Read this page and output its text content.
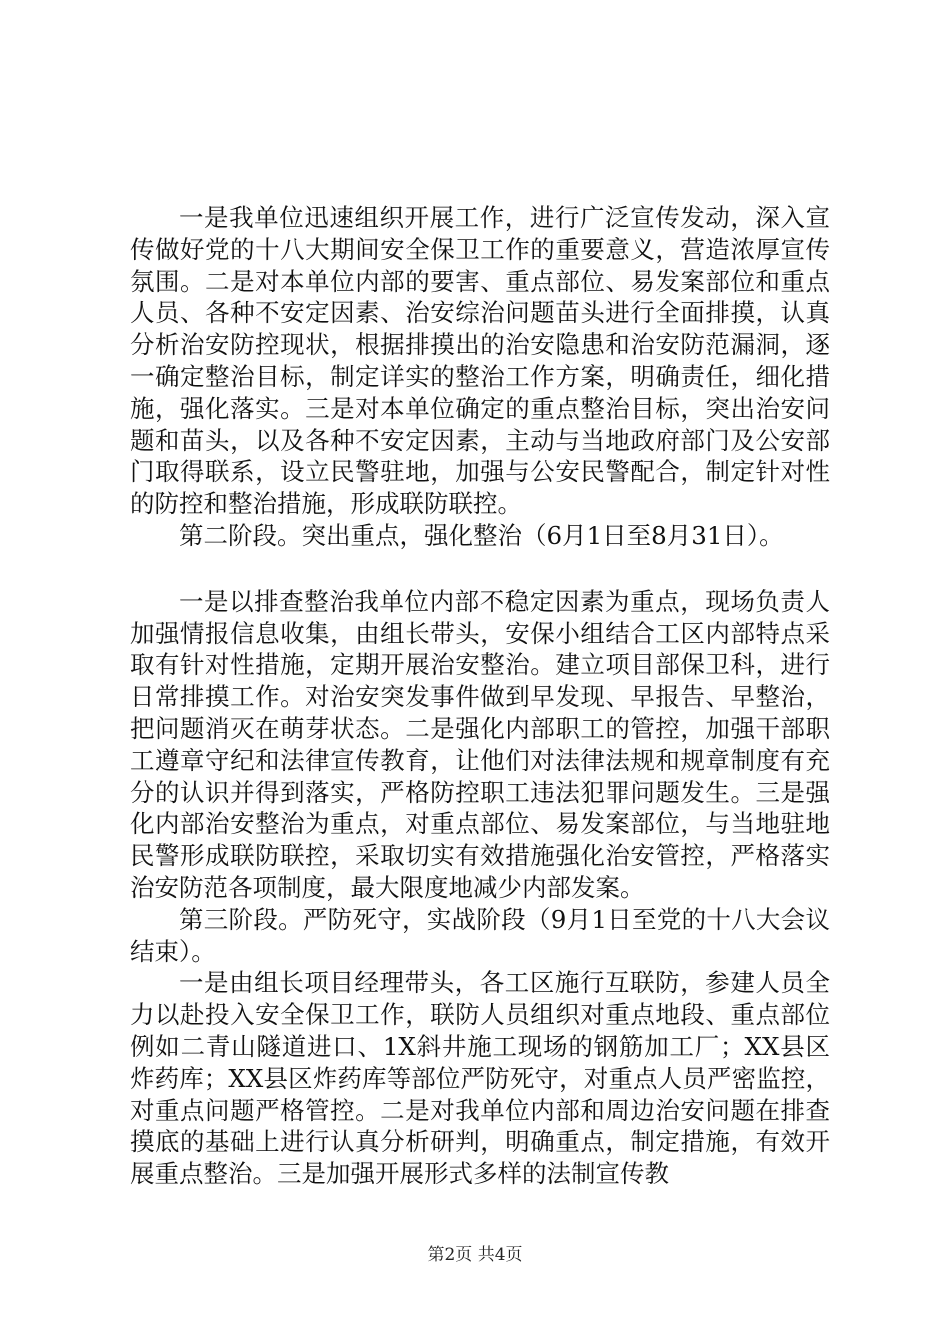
一是我单位迅速组织开展工作，进行广泛宣传发动，深入宣传做好党的十八大期间安全保卫工作的重要意义，营造浓厚宣传氛围。二是对本单位内部的要害、重点部位、易发案部位和重点人员、各种不安定因素、治安综治问题苗头进行全面排摸，认真分析治安防控现状，根据排摸出的治安隐患和治安防范漏洞，逐一确定整治目标，制定详实的整治工作方案，明确责任，细化措施，强化落实。三是对本单位确定的重点整治目标，突出治安问题和苗头，以及各种不安定因素，主动与当地政府部门及公安部门取得联系，设立民警驻地，加强与公安民警配合，制定针对性的防控和整治措施，形成联防联控。

第二阶段。突出重点，强化整治（6月1日至8月31日）。

一是以排查整治我单位内部不稳定因素为重点，现场负责人加强情报信息收集，由组长带头，安保小组结合工区内部特点采取有针对性措施，定期开展治安整治。建立项目部保卫科，进行日常排摸工作。对治安突发事件做到早发现、早报告、早整治，把问题消灭在萌芽状态。二是强化内部职工的管控，加强干部职工遵章守纪和法律宣传教育，让他们对法律法规和规章制度有充分的认识并得到落实，严格防控职工违法犯罪问题发生。三是强化内部治安整治为重点，对重点部位、易发案部位，与当地驻地民警形成联防联控，采取切实有效措施强化治安管控，严格落实治安防范各项制度，最大限度地减少内部发案。

第三阶段。严防死守，实战阶段（9月1日至党的十八大会议结束）。

一是由组长项目经理带头，各工区施行互联防，参建人员全力以赴投入安全保卫工作，联防人员组织对重点地段、重点部位例如二青山隧道进口、1X斜井施工现场的钢筋加工厂；XX县区炸药库；XX县区炸药库等部位严防死守，对重点人员严密监控，对重点问题严格管控。二是对我单位内部和周边治安问题在排查摸底的基础上进行认真分析研判，明确重点，制定措施，有效开展重点整治。三是加强开展形式多样的法制宣传教

第2页 共4页
